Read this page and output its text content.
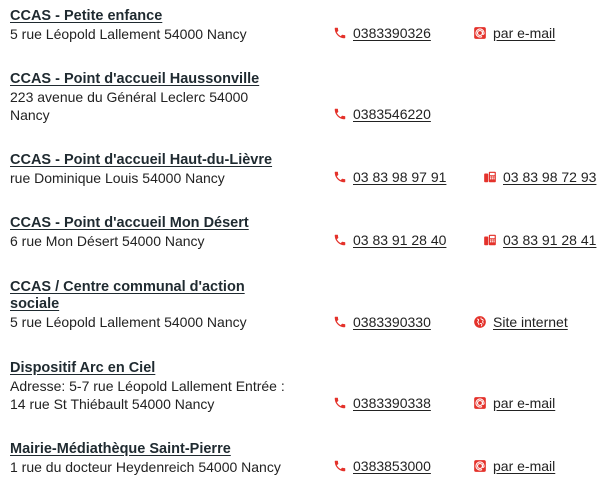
CCAS - Petite enfance
5 rue Léopold Lallement 54000 Nancy	0383390326	par e-mail
CCAS - Point d'accueil Haussonville
223 avenue du Général Leclerc 54000 Nancy	0383546220
CCAS - Point d'accueil Haut-du-Lièvre
rue Dominique Louis 54000 Nancy	03 83 98 97 91	03 83 98 72 93
CCAS - Point d'accueil Mon Désert
6 rue Mon Désert 54000 Nancy	03 83 91 28 40	03 83 91 28 41
CCAS / Centre communal d'action sociale
5 rue Léopold Lallement 54000 Nancy	0383390330	Site internet
Dispositif Arc en Ciel
Adresse: 5-7 rue Léopold Lallement Entrée : 14 rue St Thiébault 54000 Nancy	0383390338	par e-mail
Mairie-Médiathèque Saint-Pierre
1 rue du docteur Heydenreich 54000 Nancy	0383853000	par e-mail
